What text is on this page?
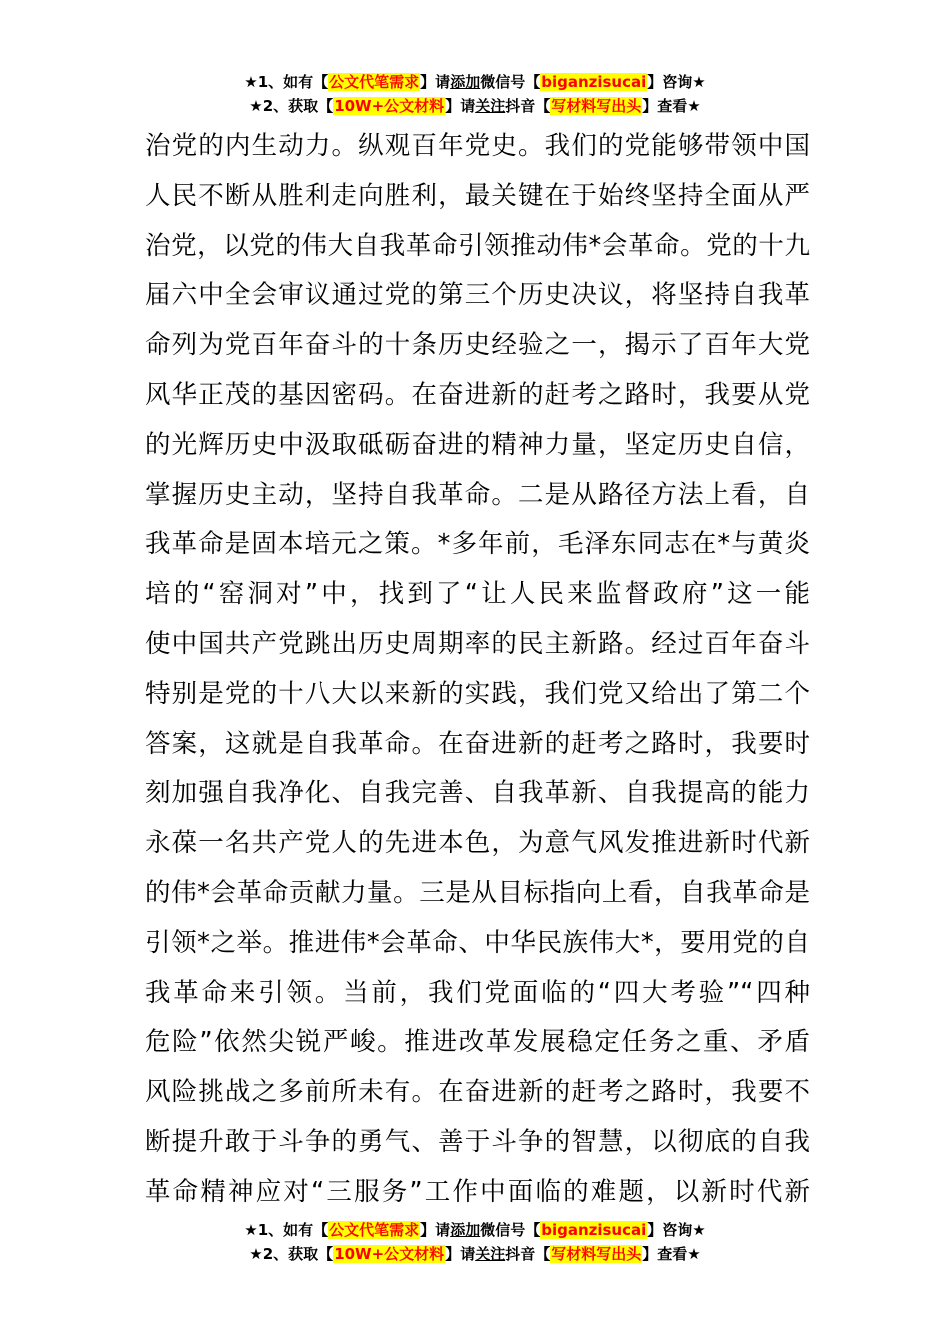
★1、如有【公文代笔需求】请添加微信号【biganzisucai】咨询★
★2、获取【10W+公文材料】请关注抖音【写材料写出头】查看★
治党的内生动力。纵观百年党史。我们的党能够带领中国
人民不断从胜利走向胜利，最关键在于始终坚持全面从严
治党，以党的伟大自我革命引领推动伟*会革命。党的十九
届六中全会审议通过党的第三个历史决议，将坚持自我革
命列为党百年奋斗的十条历史经验之一，揭示了百年大党
风华正茂的基因密码。在奋进新的赶考之路时，我要从党
的光辉历史中汲取砥砺奋进的精神力量，坚定历史自信，
掌握历史主动，坚持自我革命。二是从路径方法上看，自
我革命是固本培元之策。*多年前，毛泽东同志在*与黄炎
培的“窑洞对”中，找到了“让人民来监督政府”这一能
使中国共产党跳出历史周期率的民主新路。经过百年奋斗
特别是党的十八大以来新的实践，我们党又给出了第二个
答案，这就是自我革命。在奋进新的赶考之路时，我要时
刻加强自我净化、自我完善、自我革新、自我提高的能力
永葆一名共产党人的先进本色，为意气风发推进新时代新
的伟*会革命贡献力量。三是从目标指向上看，自我革命是
引领*之举。推进伟*会革命、中华民族伟大*，要用党的自
我革命来引领。当前，我们党面临的“四大考验”“四种
危险”依然尖锐严峻。推进改革发展稳定任务之重、矛盾
风险挑战之多前所未有。在奋进新的赶考之路时，我要不
断提升敢于斗争的勇气、善于斗争的智慧，以彻底的自我
革命精神应对“三服务”工作中面临的难题，以新时代新
★1、如有【公文代笔需求】请添加微信号【biganzisucai】咨询★
★2、获取【10W+公文材料】请关注抖音【写材料写出头】查看★
